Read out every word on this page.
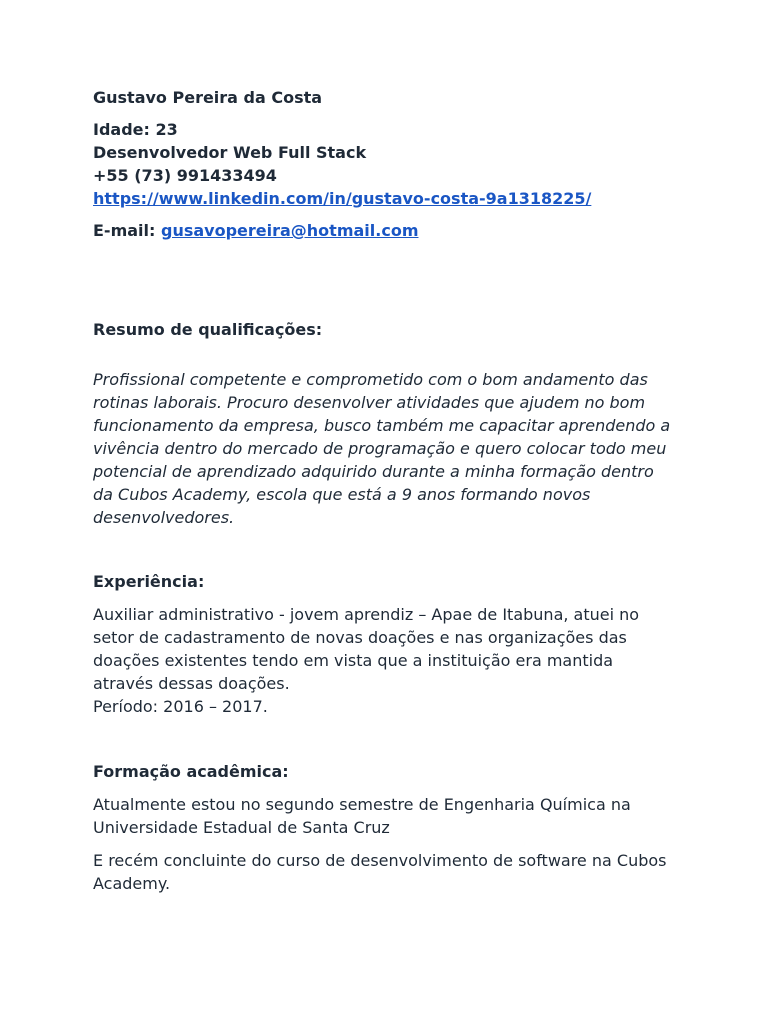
Gustavo Pereira da Costa
Idade: 23
Desenvolvedor Web Full Stack
+55 (73) 991433494
https://www.linkedin.com/in/gustavo-costa-9a1318225/
E-mail: gusavopereira@hotmail.com
Resumo de qualificações:
Profissional competente e comprometido com o bom andamento das
rotinas laborais. Procuro desenvolver atividades que ajudem no bom
funcionamento da empresa, busco também me capacitar aprendendo a
vivência dentro do mercado de programação e quero colocar todo meu
potencial de aprendizado adquirido durante a minha formação dentro
da Cubos Academy, escola que está a 9 anos formando novos
desenvolvedores.
Experiência:
Auxiliar administrativo - jovem aprendiz – Apae de Itabuna, atuei no
setor de cadastramento de novas doações e nas organizações das
doações existentes tendo em vista que a instituição era mantida
através dessas doações.
Período: 2016 – 2017.
Formação acadêmica:
Atualmente estou no segundo semestre de Engenharia Química na
Universidade Estadual de Santa Cruz
E recém concluinte do curso de desenvolvimento de software na Cubos
Academy.
